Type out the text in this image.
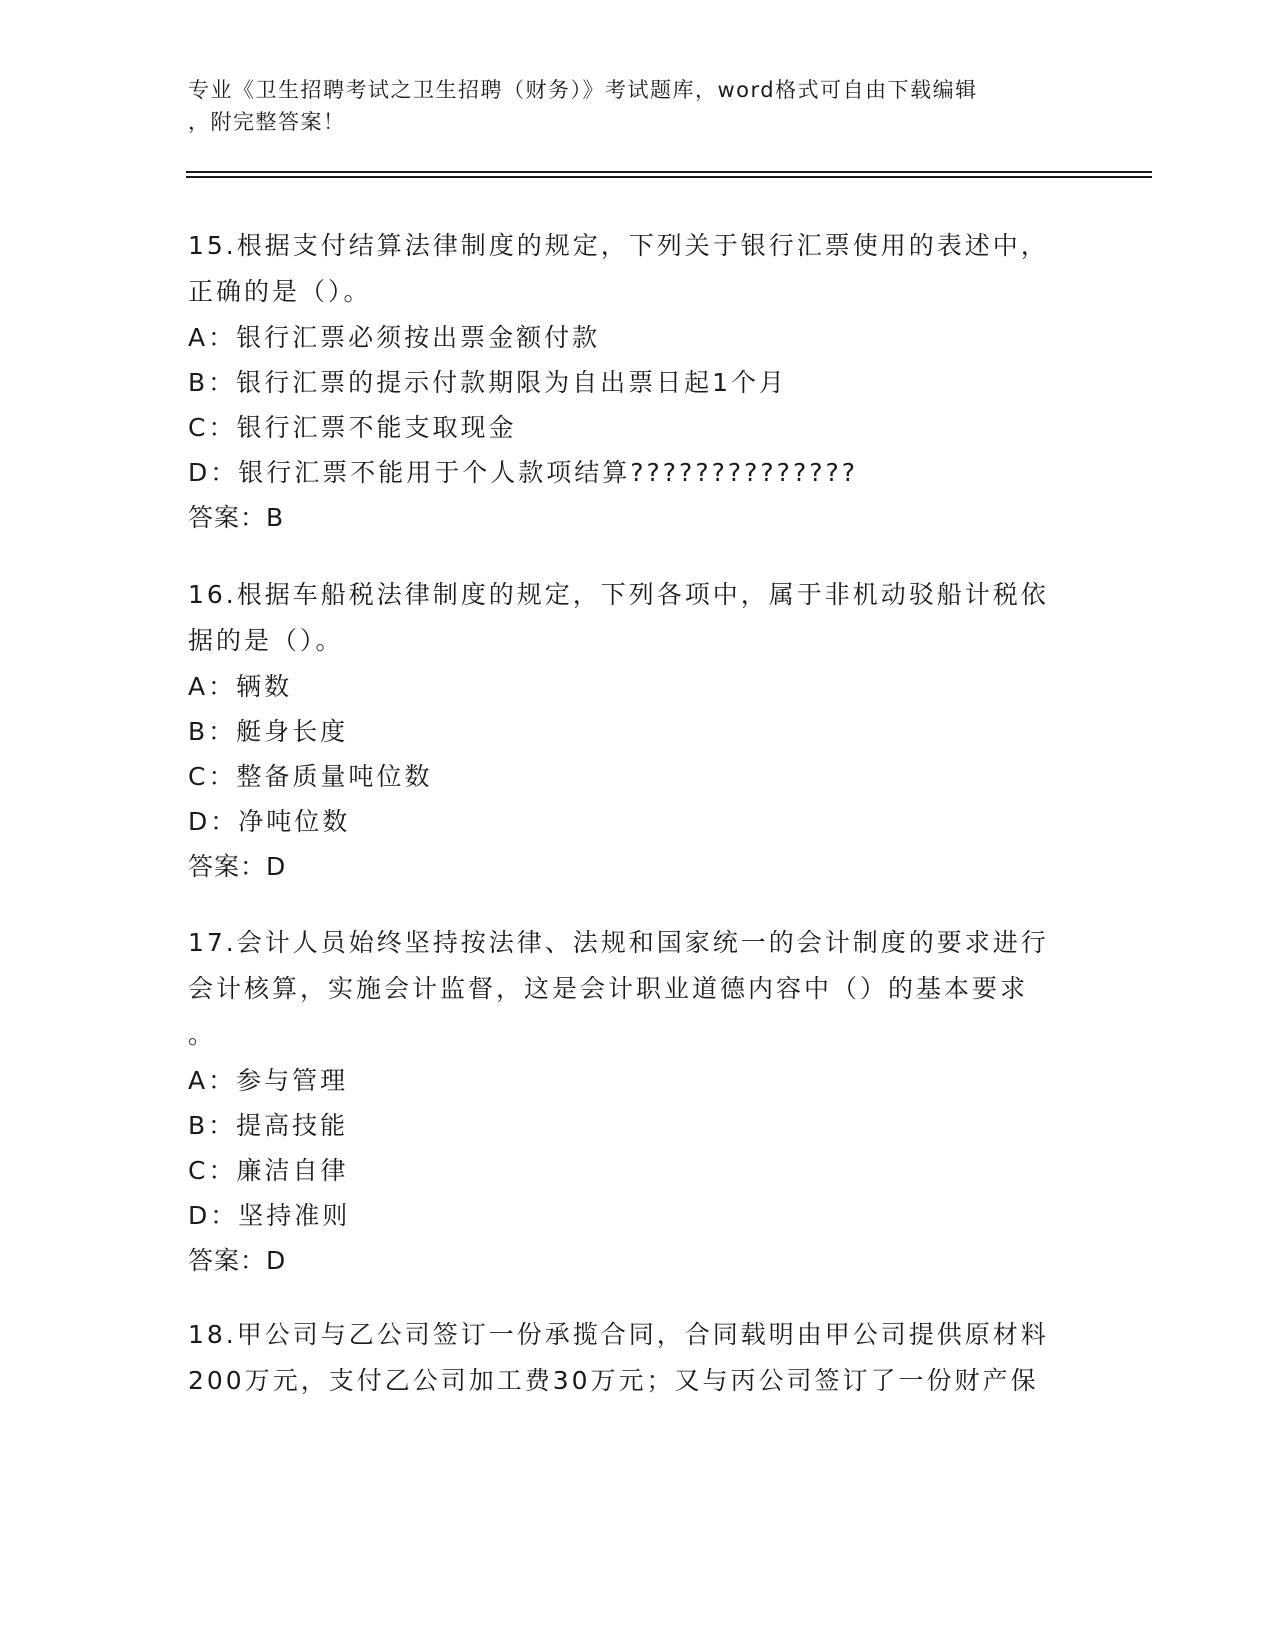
专业《卫生招聘考试之卫生招聘（财务）》考试题库，word格式可自由下载编辑
，附完整答案！
15.根据支付结算法律制度的规定，下列关于银行汇票使用的表述中，
正确的是（）。
A：银行汇票必须按出票金额付款
B：银行汇票的提示付款期限为自出票日起1个月
C：银行汇票不能支取现金
D：银行汇票不能用于个人款项结算??????????????
答案：B
16.根据车船税法律制度的规定，下列各项中，属于非机动驳船计税依
据的是（）。
A：辆数
B：艇身长度
C：整备质量吨位数
D：净吨位数
答案：D
17.会计人员始终坚持按法律、法规和国家统一的会计制度的要求进行
会计核算，实施会计监督，这是会计职业道德内容中（）的基本要求
。
A：参与管理
B：提高技能
C：廉洁自律
D：坚持准则
答案：D
18.甲公司与乙公司签订一份承揽合同，合同载明由甲公司提供原材料
200万元，支付乙公司加工费30万元；又与丙公司签订了一份财产保
